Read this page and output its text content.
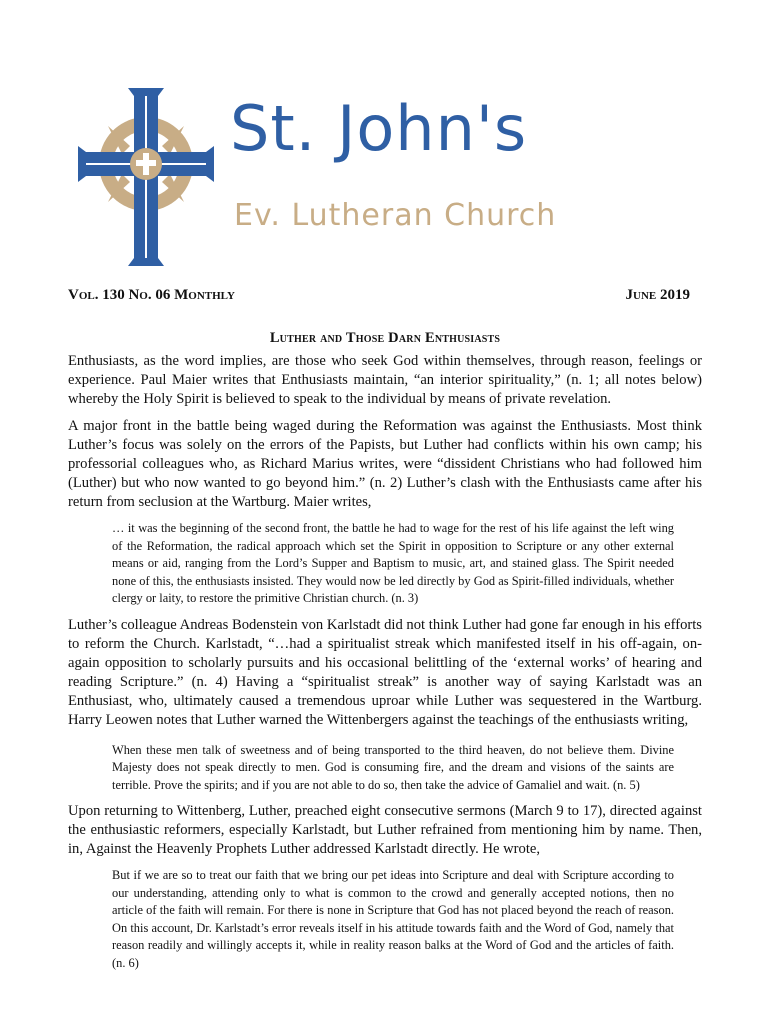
St. John's
Ev. Lutheran Church
Vol. 130 No. 06 Monthly	June 2019
Luther and Those Darn Enthusiasts

Enthusiasts, as the word implies, are those who seek God within themselves, through reason, feelings or experience. Paul Maier writes that Enthusiasts maintain, “an interior spirituality,” (n. 1; all notes below) whereby the Holy Spirit is believed to speak to the individual by means of private revelation.

A major front in the battle being waged during the Reformation was against the Enthusiasts. Most think Luther’s focus was solely on the errors of the Papists, but Luther had conflicts within his own camp; his professorial colleagues who, as Richard Marius writes, were “dissident Christians who had followed him (Luther) but who now wanted to go beyond him.” (n. 2) Luther’s clash with the Enthusiasts came after his return from seclusion at the Wartburg. Maier writes,

… it was the beginning of the second front, the battle he had to wage for the rest of his life against the left wing of the Reformation, the radical approach which set the Spirit in opposition to Scripture or any other external means or aid, ranging from the Lord’s Supper and Baptism to music, art, and stained glass. The Spirit needed none of this, the enthusiasts insisted. They would now be led directly by God as Spirit-filled individuals, whether clergy or laity, to restore the primitive Christian church. (n. 3)

Luther’s colleague Andreas Bodenstein von Karlstadt did not think Luther had gone far enough in his efforts to reform the Church. Karlstadt, “…had a spiritualist streak which manifested itself in his off-again, on-again opposition to scholarly pursuits and his occasional belittling of the ‘external works’ of hearing and reading Scripture.” (n. 4) Having a “spiritualist streak” is another way of saying Karlstadt was an Enthusiast, who, ultimately caused a tremendous uproar while Luther was sequestered in the Wartburg. Harry Leowen notes that Luther warned the Wittenbergers against the teachings of the enthusiasts writing,

When these men talk of sweetness and of being transported to the third heaven, do not believe them. Divine Majesty does not speak directly to men. God is consuming fire, and the dream and visions of the saints are terrible. Prove the spirits; and if you are not able to do so, then take the advice of Gamaliel and wait. (n. 5)

Upon returning to Wittenberg, Luther, preached eight consecutive sermons (March 9 to 17), directed against the enthusiastic reformers, especially Karlstadt, but Luther refrained from mentioning him by name. Then, in, Against the Heavenly Prophets Luther addressed Karlstadt directly. He wrote,

But if we are so to treat our faith that we bring our pet ideas into Scripture and deal with Scripture according to our understanding, attending only to what is common to the crowd and generally accepted notions, then no article of the faith will remain. For there is none in Scripture that God has not placed beyond the reach of reason. On this account, Dr. Karlstadt’s error reveals itself in his attitude towards faith and the Word of God, namely that reason readily and willingly accepts it, while in reality reason balks at the Word of God and the articles of faith. (n. 6)
